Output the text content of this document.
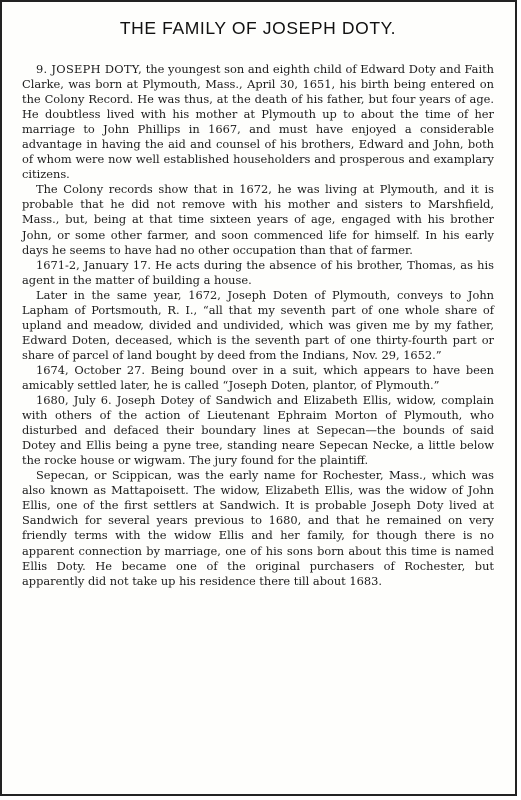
THE FAMILY OF JOSEPH DOTY.

9. JOSEPH DOTY, the youngest son and eighth child of Edward Doty and Faith Clarke, was born at Plymouth, Mass., April 30, 1651, his birth being entered on the Colony Record. He was thus, at the death of his father, but four years of age. He doubtless lived with his mother at Plymouth up to about the time of her marriage to John Phillips in 1667, and must have enjoyed a considerable advantage in having the aid and counsel of his brothers, Edward and John, both of whom were now well established householders and prosperous and examplary citizens.

The Colony records show that in 1672, he was living at Plymouth, and it is probable that he did not remove with his mother and sisters to Marshfield, Mass., but, being at that time sixteen years of age, engaged with his brother John, or some other farmer, and soon commenced life for himself. In his early days he seems to have had no other occupation than that of farmer.

1671-2, January 17. He acts during the absence of his brother, Thomas, as his agent in the matter of building a house.

Later in the same year, 1672, Joseph Doten of Plymouth, conveys to John Lapham of Portsmouth, R. I., “all that my seventh part of one whole share of upland and meadow, divided and undivided, which was given me by my father, Edward Doten, deceased, which is the seventh part of one thirty-fourth part or share of parcel of land bought by deed from the Indians, Nov. 29, 1652.”

1674, October 27. Being bound over in a suit, which appears to have been amicably settled later, he is called “Joseph Doten, plantor, of Plymouth.”

1680, July 6. Joseph Dotey of Sandwich and Elizabeth Ellis, widow, complain with others of the action of Lieutenant Ephraim Morton of Plymouth, who disturbed and defaced their boundary lines at Sepecan—the bounds of said Dotey and Ellis being a pyne tree, standing neare Sepecan Necke, a little below the rocke house or wigwam. The jury found for the plaintiff.

Sepecan, or Scippican, was the early name for Rochester, Mass., which was also known as Mattapoisett. The widow, Elizabeth Ellis, was the widow of John Ellis, one of the first settlers at Sandwich. It is probable Joseph Doty lived at Sandwich for several years previous to 1680, and that he remained on very friendly terms with the widow Ellis and her family, for though there is no apparent connection by marriage, one of his sons born about this time is named Ellis Doty. He became one of the original purchasers of Rochester, but apparently did not take up his residence there till about 1683.
